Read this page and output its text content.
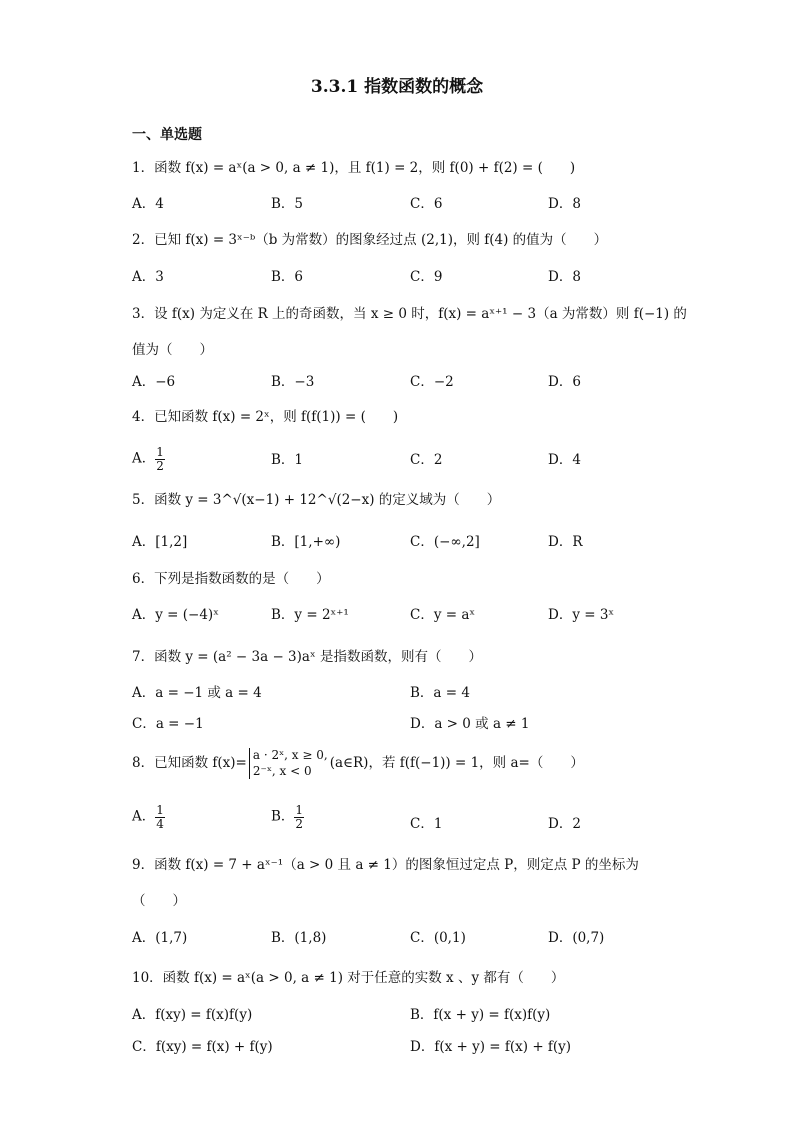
3.3.1 指数函数的概念
一、单选题
1．函数 f(x) = aˣ(a > 0, a ≠ 1)，且 f(1) = 2，则 f(0) + f(2) = (　　)
A．4	B．5	C．6	D．8
2．已知 f(x) = 3ˣ⁻ᵇ（b 为常数）的图象经过点 (2,1)，则 f(4) 的值为（　　）
A．3	B．6	C．9	D．8
3．设 f(x) 为定义在 R 上的奇函数，当 x ≥ 0 时，f(x) = aˣ⁺¹ − 3（a 为常数）则 f(−1) 的
值为（　　）
A．−6	B．−3	C．−2	D．6
4．已知函数 f(x) = 2ˣ，则 f(f(1)) = (　　)
A． $\frac{1}{2}$	B．1	C．2	D．4
5．函数 y = 3^√(x−1) + 12^√(2−x) 的定义域为（　　）
A．[1,2]	B．[1,+∞)	C．(−∞,2]	D．R
6．下列是指数函数的是（　　）
A．y = (−4)ˣ	B．y = 2ˣ⁺¹	C．y = aˣ	D．y = 3ˣ
7．函数 y = (a² − 3a − 3)aˣ 是指数函数，则有（　　）
A．a = −1 或 a = 4	B．a = 4
C．a = −1	D．a > 0 或 a ≠ 1
8．已知函数 f(x)=
a · 2ˣ, x ≥ 0,
2⁻ˣ, x < 0	(a∈R)，若 f(f(−1)) = 1，则 a=（　　）
A． $\frac{1}{4}$	B． $\frac{1}{2}$	C．1	D．2
9．函数 f(x) = 7 + aˣ⁻¹（a > 0 且 a ≠ 1）的图象恒过定点 P，则定点 P 的坐标为
（　　）
A．(1,7)	B．(1,8)	C．(0,1)	D．(0,7)
10．函数 f(x) = aˣ(a > 0, a ≠ 1) 对于任意的实数 x 、y 都有（　　）
A．f(xy) = f(x)f(y)	B．f(x + y) = f(x)f(y)
C．f(xy) = f(x) + f(y)	D．f(x + y) = f(x) + f(y)
